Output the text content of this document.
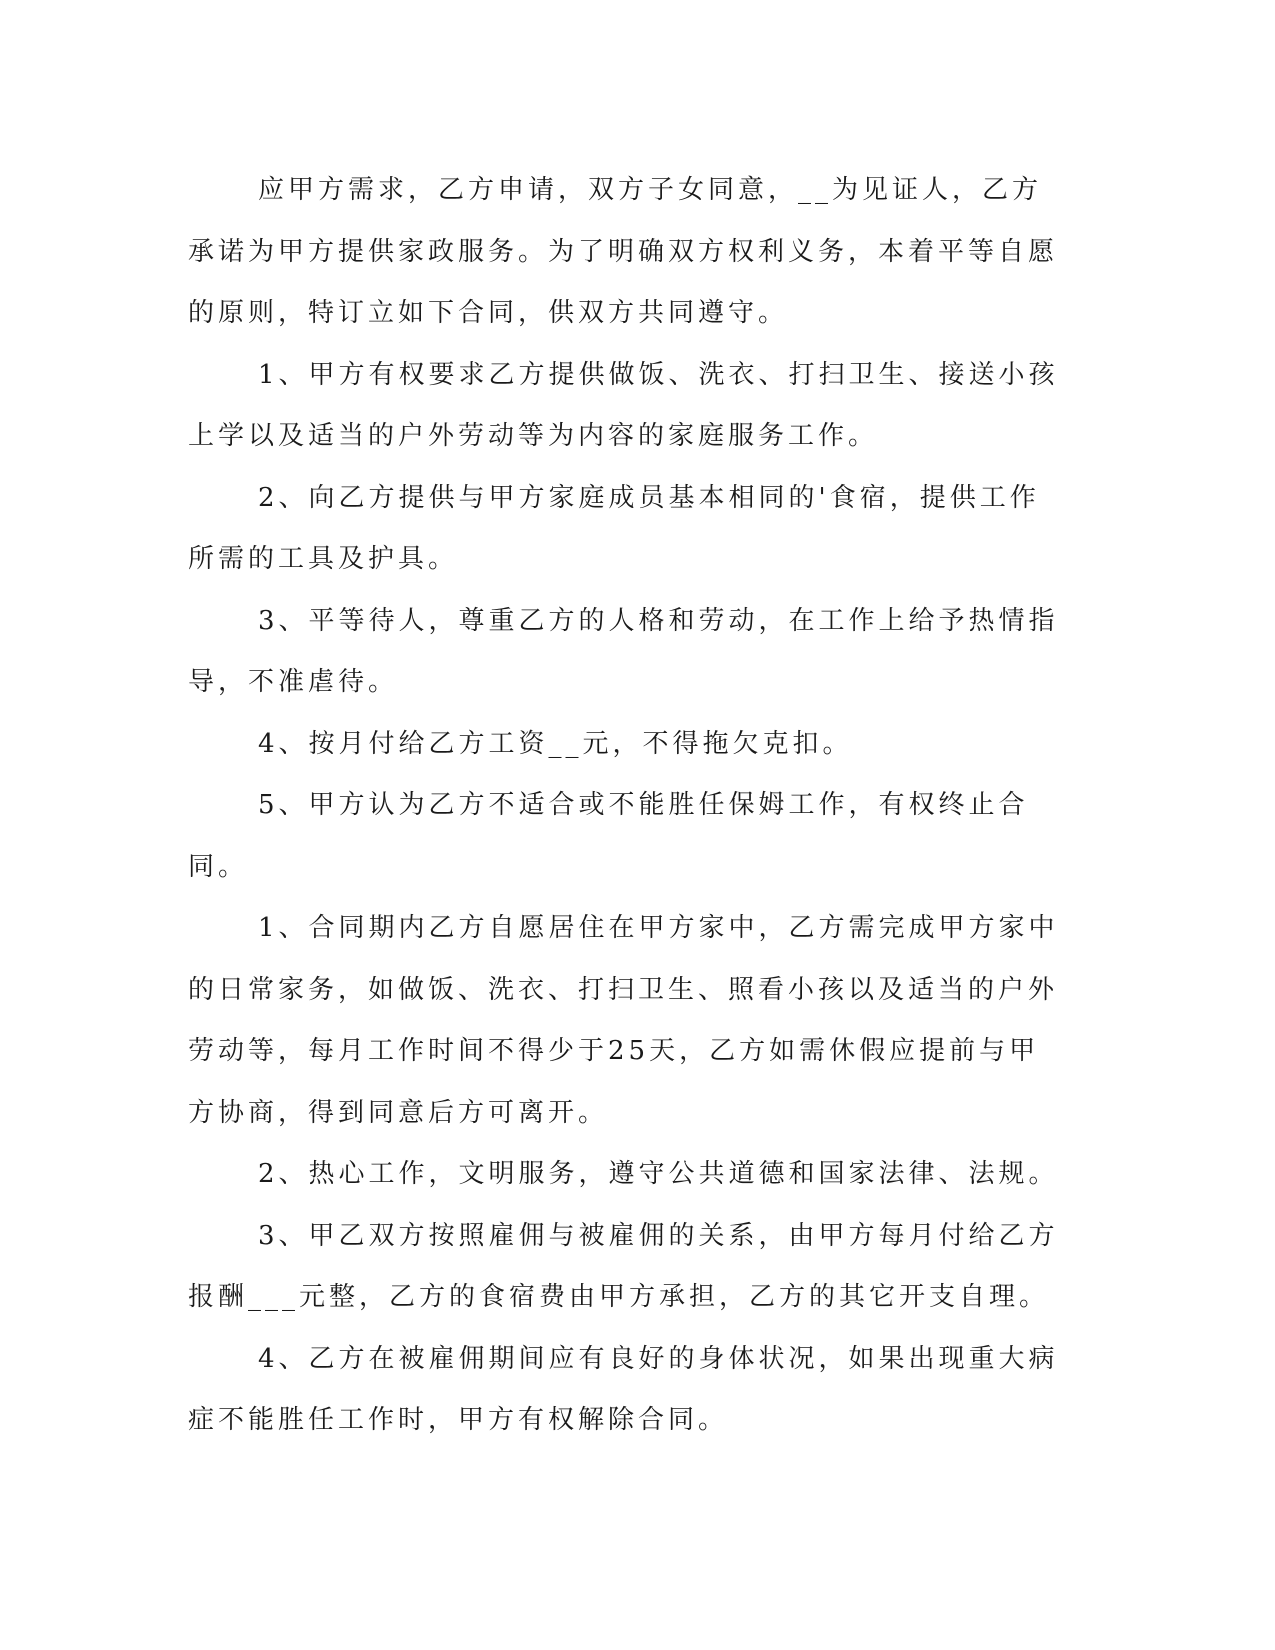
应甲方需求，乙方申请，双方子女同意，__为见证人，乙方承诺为甲方提供家政服务。为了明确双方权利义务，本着平等自愿的原则，特订立如下合同，供双方共同遵守。

1、甲方有权要求乙方提供做饭、洗衣、打扫卫生、接送小孩上学以及适当的户外劳动等为内容的家庭服务工作。

2、向乙方提供与甲方家庭成员基本相同的'食宿，提供工作所需的工具及护具。

3、平等待人，尊重乙方的人格和劳动，在工作上给予热情指导，不准虐待。

4、按月付给乙方工资__元，不得拖欠克扣。

5、甲方认为乙方不适合或不能胜任保姆工作，有权终止合同。

1、合同期内乙方自愿居住在甲方家中，乙方需完成甲方家中的日常家务，如做饭、洗衣、打扫卫生、照看小孩以及适当的户外劳动等，每月工作时间不得少于25天，乙方如需休假应提前与甲方协商，得到同意后方可离开。

2、热心工作，文明服务，遵守公共道德和国家法律、法规。

3、甲乙双方按照雇佣与被雇佣的关系，由甲方每月付给乙方报酬___元整，乙方的食宿费由甲方承担，乙方的其它开支自理。

4、乙方在被雇佣期间应有良好的身体状况，如果出现重大病症不能胜任工作时，甲方有权解除合同。
